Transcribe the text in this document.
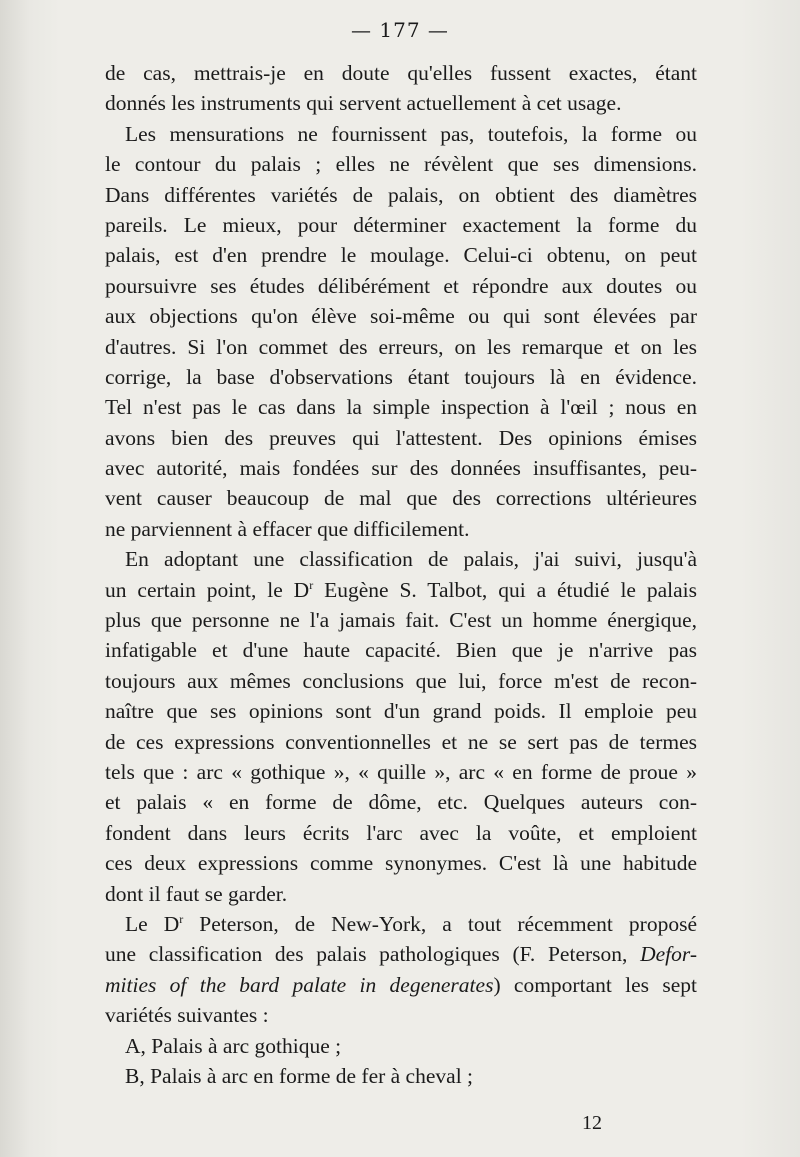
— 177 —
de cas, mettrais-je en doute qu'elles fussent exactes, étant
donnés les instruments qui servent actuellement à cet usage.
Les mensurations ne fournissent pas, toutefois, la forme ou
le contour du palais ; elles ne révèlent que ses dimensions.
Dans différentes variétés de palais, on obtient des diamètres
pareils. Le mieux, pour déterminer exactement la forme du
palais, est d'en prendre le moulage. Celui-ci obtenu, on peut
poursuivre ses études délibérément et répondre aux doutes ou
aux objections qu'on élève soi-même ou qui sont élevées par
d'autres. Si l'on commet des erreurs, on les remarque et on les
corrige, la base d'observations étant toujours là en évidence.
Tel n'est pas le cas dans la simple inspection à l'œil ; nous en
avons bien des preuves qui l'attestent. Des opinions émises
avec autorité, mais fondées sur des données insuffisantes, peu-
vent causer beaucoup de mal que des corrections ultérieures
ne parviennent à effacer que difficilement.
En adoptant une classification de palais, j'ai suivi, jusqu'à
un certain point, le $D^r$ Eugène S. Talbot, qui a étudié le palais
plus que personne ne l'a jamais fait. C'est un homme énergique,
infatigable et d'une haute capacité. Bien que je n'arrive pas
toujours aux mêmes conclusions que lui, force m'est de recon-
naître que ses opinions sont d'un grand poids. Il emploie peu
de ces expressions conventionnelles et ne se sert pas de termes
tels que : arc « gothique », « quille », arc « en forme de proue »
et palais « en forme de dôme, etc. Quelques auteurs con-
fondent dans leurs écrits l'arc avec la voûte, et emploient
ces deux expressions comme synonymes. C'est là une habitude
dont il faut se garder.
Le $D^r$ Peterson, de New-York, a tout récemment proposé
une classification des palais pathologiques (F. Peterson, Defor-
mities of the bard palate in degenerates) comportant les sept
variétés suivantes :
A, Palais à arc gothique ;
B, Palais à arc en forme de fer à cheval ;
12
